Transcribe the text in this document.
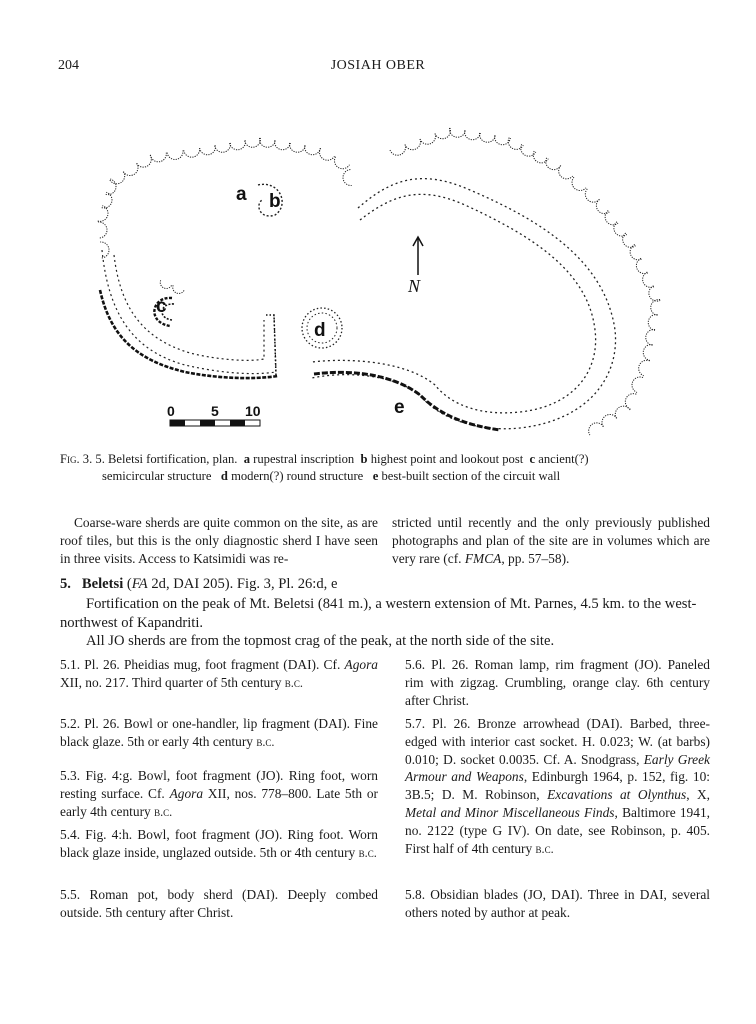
204	JOSIAH OBER
a b
c
d
e
N
0	5 10
Fig. 3. 5. Beletsi fortification, plan. a rupestral inscription b highest point and lookout post c ancient(?)
semicircular structure d modern(?) round structure e best-built section of the circuit wall
Coarse-ware sherds are quite common on the site, as are roof tiles, but this is the only diagnostic sherd I have seen in three visits. Access to Katsimidi was re-
stricted until recently and the only previously published photographs and plan of the site are in volumes which are very rare (cf. FMCA, pp. 57–58).
5. Beletsi (FA 2d, DAI 205). Fig. 3, Pl. 26:d, e
Fortification on the peak of Mt. Beletsi (841 m.), a western extension of Mt. Parnes, 4.5 km. to the west-northwest of Kapandriti.
All JO sherds are from the topmost crag of the peak, at the north side of the site.
5.1. Pl. 26. Pheidias mug, foot fragment (DAI). Cf. Agora XII, no. 217. Third quarter of 5th century b.c.
5.2. Pl. 26. Bowl or one-handler, lip fragment (DAI). Fine black glaze. 5th or early 4th century b.c.
5.3. Fig. 4:g. Bowl, foot fragment (JO). Ring foot, worn resting surface. Cf. Agora XII, nos. 778–800. Late 5th or early 4th century b.c.
5.4. Fig. 4:h. Bowl, foot fragment (JO). Ring foot. Worn black glaze inside, unglazed outside. 5th or 4th century b.c.
5.5. Roman pot, body sherd (DAI). Deeply combed outside. 5th century after Christ.
5.6. Pl. 26. Roman lamp, rim fragment (JO). Paneled rim with zigzag. Crumbling, orange clay. 6th century after Christ.
5.7. Pl. 26. Bronze arrowhead (DAI). Barbed, three-edged with interior cast socket. H. 0.023; W. (at barbs) 0.010; D. socket 0.0035. Cf. A. Snodgrass, Early Greek Armour and Weapons, Edinburgh 1964, p. 152, fig. 10: 3B.5; D. M. Robinson, Excavations at Olynthus, X, Metal and Minor Miscellaneous Finds, Baltimore 1941, no. 2122 (type G IV). On date, see Robinson, p. 405. First half of 4th century b.c.
5.8. Obsidian blades (JO, DAI). Three in DAI, several others noted by author at peak.
